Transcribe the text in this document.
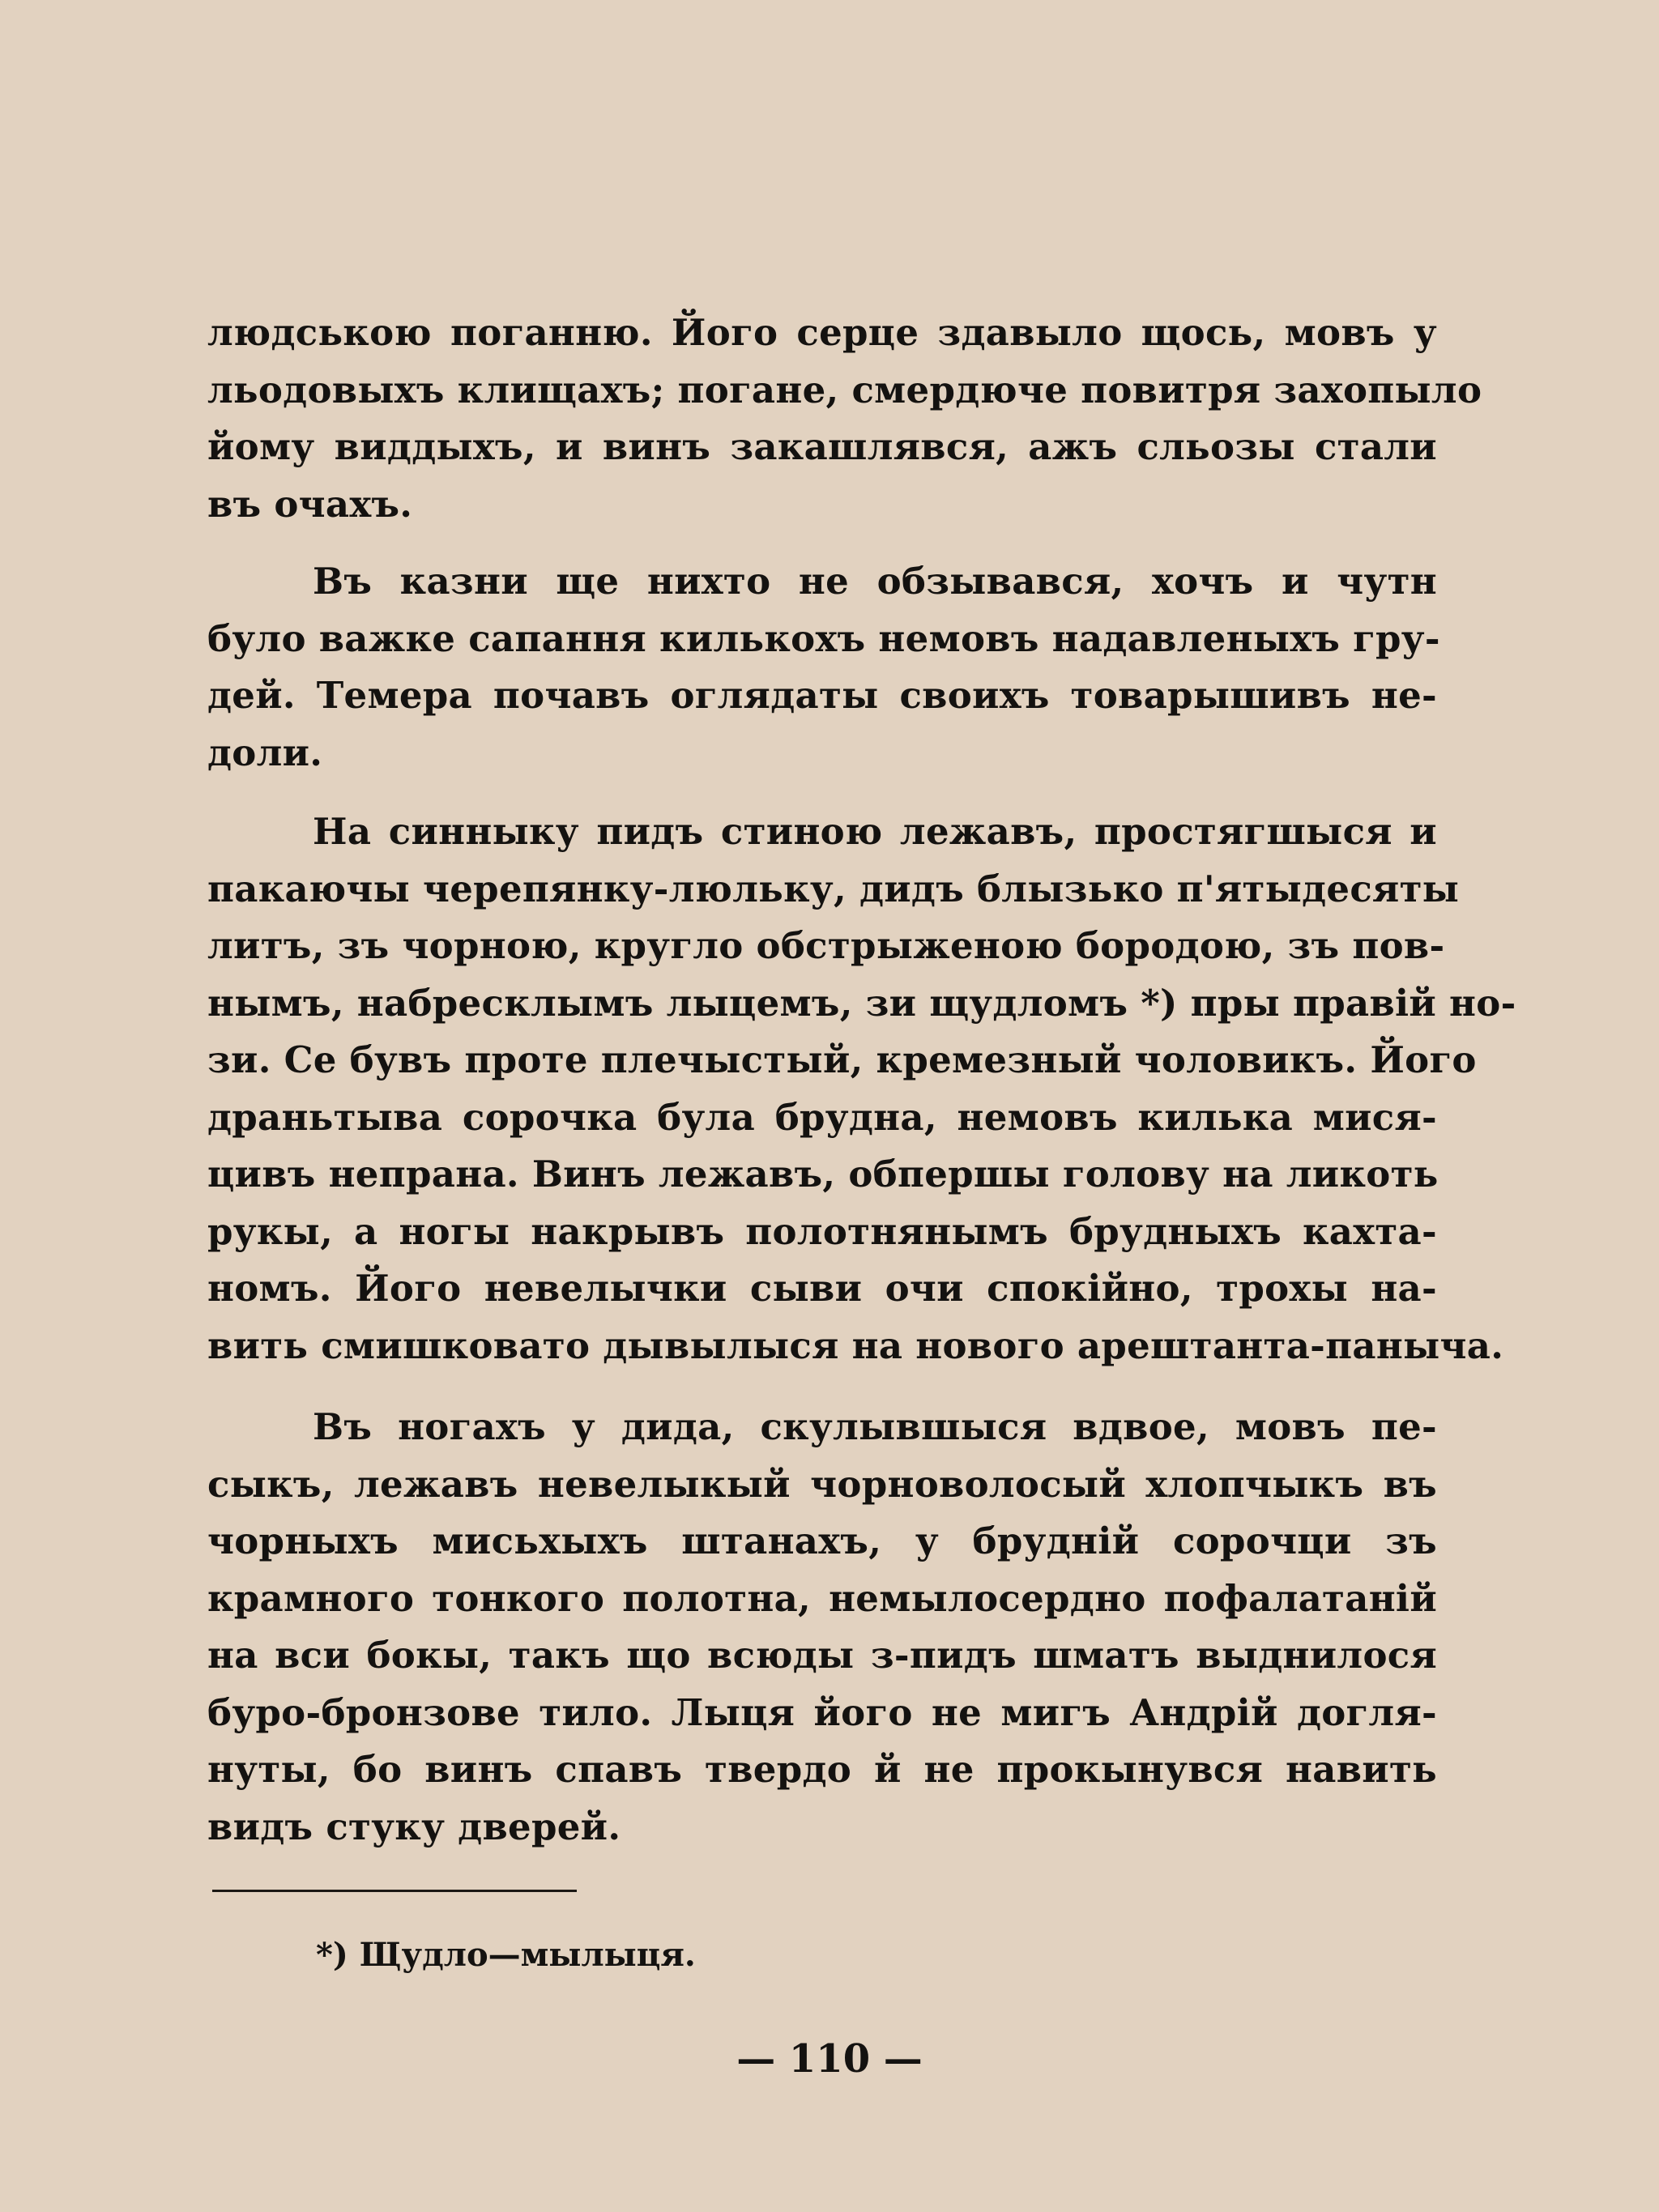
людською поганню. Його серце здавыло щось, мовъ у
льодовыхъ клищахъ; погане, смердюче повитря захопыло
йому виддыхъ, и винъ закашлявся, ажъ сльозы стали
въ очахъ.
Въ казни ще нихто не обзывався, хочъ и чутн
було важке сапання килькохъ немовъ надавленыхъ гру-
дей. Темера почавъ оглядаты своихъ товарышивъ не-
доли.
На синныку пидъ стиною лежавъ, простягшыся и
пакаючы черепянку-люльку, дидъ блызько п'ятыдесяты
литъ, зъ чорною, кругло обстрыженою бородою, зъ пов-
нымъ, набресклымъ лыцемъ, зи щудломъ *) пры правій но-
зи. Се бувъ проте плечыстый, кремезный чоловикъ. Його
драньтыва сорочка була брудна, немовъ килька мися-
цивъ непрана. Винъ лежавъ, обпершы голову на ликоть
рукы, а ногы накрывъ полотнянымъ брудныхъ кахта-
номъ. Його невелычки сыви очи спокійно, трохы на-
вить смишковато дывылыся на нового арештанта-паныча.
Въ ногахъ у дида, скулывшыся вдвое, мовъ пе-
сыкъ, лежавъ невелыкый чорноволосый хлопчыкъ въ
чорныхъ мисьхыхъ штанахъ, у брудній сорочци зъ
крамного тонкого полотна, немылосердно пофалатаній
на вси бокы, такъ що всюды з-пидъ шматъ выднилося
буро-бронзове тило. Лыця його не мигъ Андрій догля-
нуты, бо винъ спавъ твердо й не прокынувся навить
видъ стуку дверей.
*) Щудло—мылыця.
— 110 —
